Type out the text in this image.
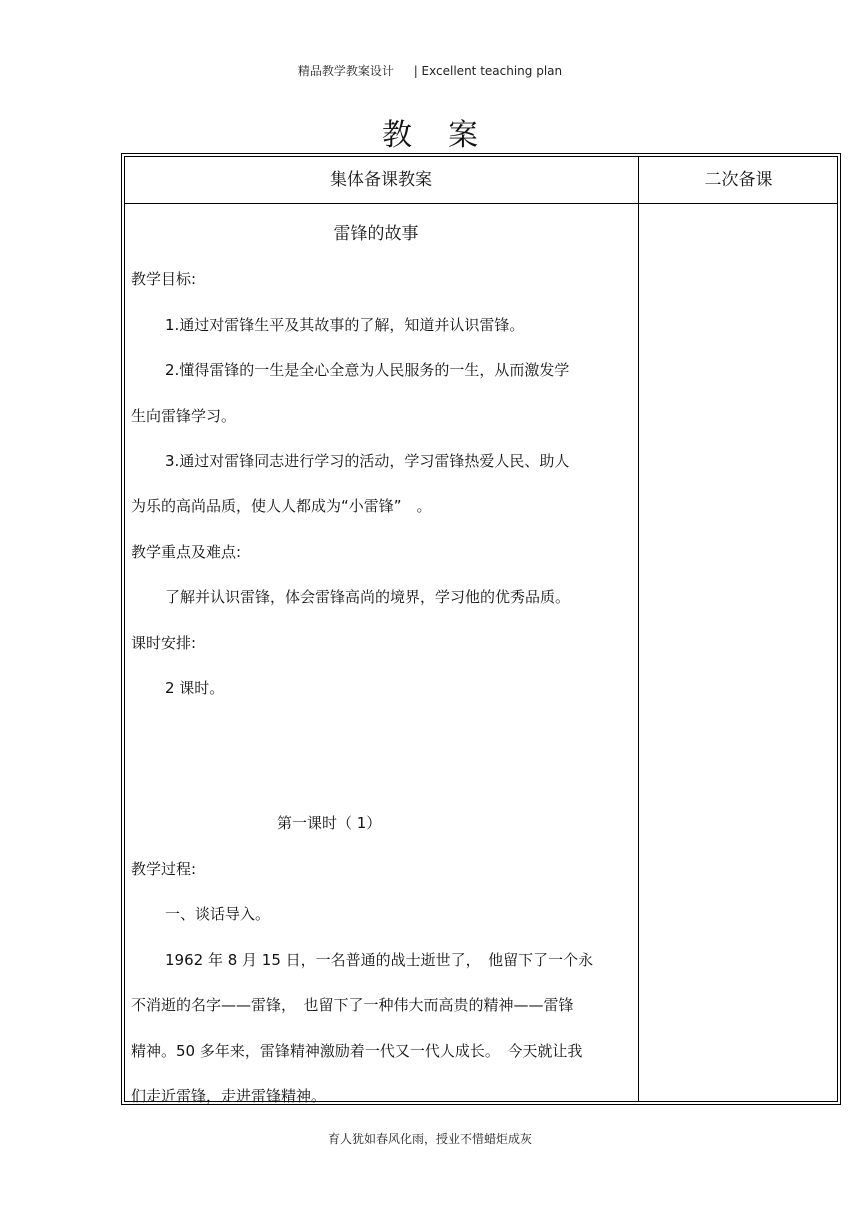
精品教学教案设计 | Excellent teaching plan
教案
集体备课教案	二次备课

雷锋的故事

教学目标:

1.通过对雷锋生平及其故事的了解，知道并认识雷锋。

2.懂得雷锋的一生是全心全意为人民服务的一生，从而激发学

生向雷锋学习。

3.通过对雷锋同志进行学习的活动，学习雷锋热爱人民、助人

为乐的高尚品质，使人人都成为“小雷锋”　。

教学重点及难点:

了解并认识雷锋，体会雷锋高尚的境界，学习他的优秀品质。

课时安排:

2 课时。

第一课时（ 1）

教学过程:

一、谈话导入。

1962 年 8 月 15 日，一名普通的战士逝世了，　他留下了一个永

不消逝的名字——雷锋，　也留下了一种伟大而高贵的精神——雷锋

精神。50 多年来，雷锋精神激励着一代又一代人成长。　今天就让我

们走近雷锋，走进雷锋精神。

育人犹如春风化雨，授业不惜蜡炬成灰
